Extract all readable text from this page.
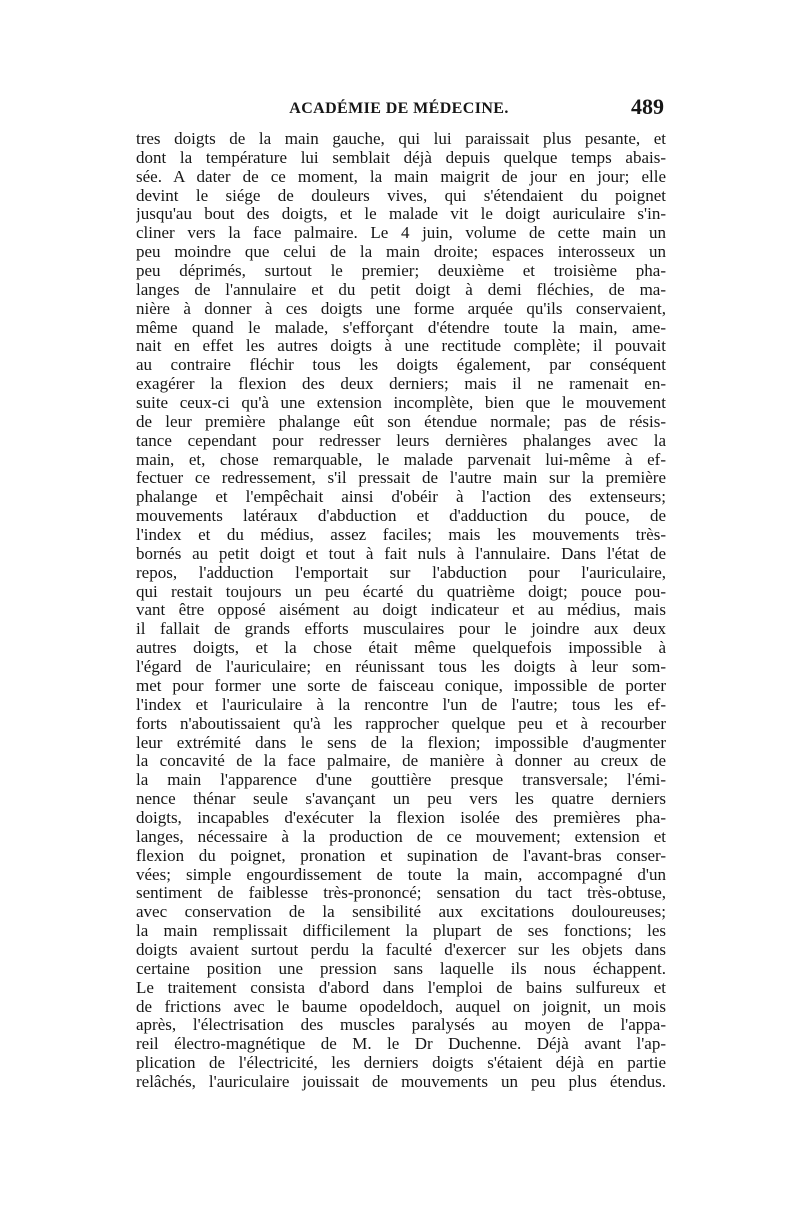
ACADÉMIE DE MÉDECINE.	489
tres doigts de la main gauche, qui lui paraissait plus pesante, et
dont la température lui semblait déjà depuis quelque temps abais-
sée. A dater de ce moment, la main maigrit de jour en jour; elle
devint le siége de douleurs vives, qui s'étendaient du poignet
jusqu'au bout des doigts, et le malade vit le doigt auriculaire s'in-
cliner vers la face palmaire. Le 4 juin, volume de cette main un
peu moindre que celui de la main droite; espaces interosseux un
peu déprimés, surtout le premier; deuxième et troisième pha-
langes de l'annulaire et du petit doigt à demi fléchies, de ma-
nière à donner à ces doigts une forme arquée qu'ils conservaient,
même quand le malade, s'efforçant d'étendre toute la main, ame-
nait en effet les autres doigts à une rectitude complète; il pouvait
au contraire fléchir tous les doigts également, par conséquent
exagérer la flexion des deux derniers; mais il ne ramenait en-
suite ceux-ci qu'à une extension incomplète, bien que le mouvement
de leur première phalange eût son étendue normale; pas de résis-
tance cependant pour redresser leurs dernières phalanges avec la
main, et, chose remarquable, le malade parvenait lui-même à ef-
fectuer ce redressement, s'il pressait de l'autre main sur la première
phalange et l'empêchait ainsi d'obéir à l'action des extenseurs;
mouvements latéraux d'abduction et d'adduction du pouce, de
l'index et du médius, assez faciles; mais les mouvements très-
bornés au petit doigt et tout à fait nuls à l'annulaire. Dans l'état de
repos, l'adduction l'emportait sur l'abduction pour l'auriculaire,
qui restait toujours un peu écarté du quatrième doigt; pouce pou-
vant être opposé aisément au doigt indicateur et au médius, mais
il fallait de grands efforts musculaires pour le joindre aux deux
autres doigts, et la chose était même quelquefois impossible à
l'égard de l'auriculaire; en réunissant tous les doigts à leur som-
met pour former une sorte de faisceau conique, impossible de porter
l'index et l'auriculaire à la rencontre l'un de l'autre; tous les ef-
forts n'aboutissaient qu'à les rapprocher quelque peu et à recourber
leur extrémité dans le sens de la flexion; impossible d'augmenter
la concavité de la face palmaire, de manière à donner au creux de
la main l'apparence d'une gouttière presque transversale; l'émi-
nence thénar seule s'avançant un peu vers les quatre derniers
doigts, incapables d'exécuter la flexion isolée des premières pha-
langes, nécessaire à la production de ce mouvement; extension et
flexion du poignet, pronation et supination de l'avant-bras conser-
vées; simple engourdissement de toute la main, accompagné d'un
sentiment de faiblesse très-prononcé; sensation du tact très-obtuse,
avec conservation de la sensibilité aux excitations douloureuses;
la main remplissait difficilement la plupart de ses fonctions; les
doigts avaient surtout perdu la faculté d'exercer sur les objets dans
certaine position une pression sans laquelle ils nous échappent.
Le traitement consista d'abord dans l'emploi de bains sulfureux et
de frictions avec le baume opodeldoch, auquel on joignit, un mois
après, l'électrisation des muscles paralysés au moyen de l'appa-
reil électro-magnétique de M. le Dr Duchenne. Déjà avant l'ap-
plication de l'électricité, les derniers doigts s'étaient déjà en partie
relâchés, l'auriculaire jouissait de mouvements un peu plus étendus.
